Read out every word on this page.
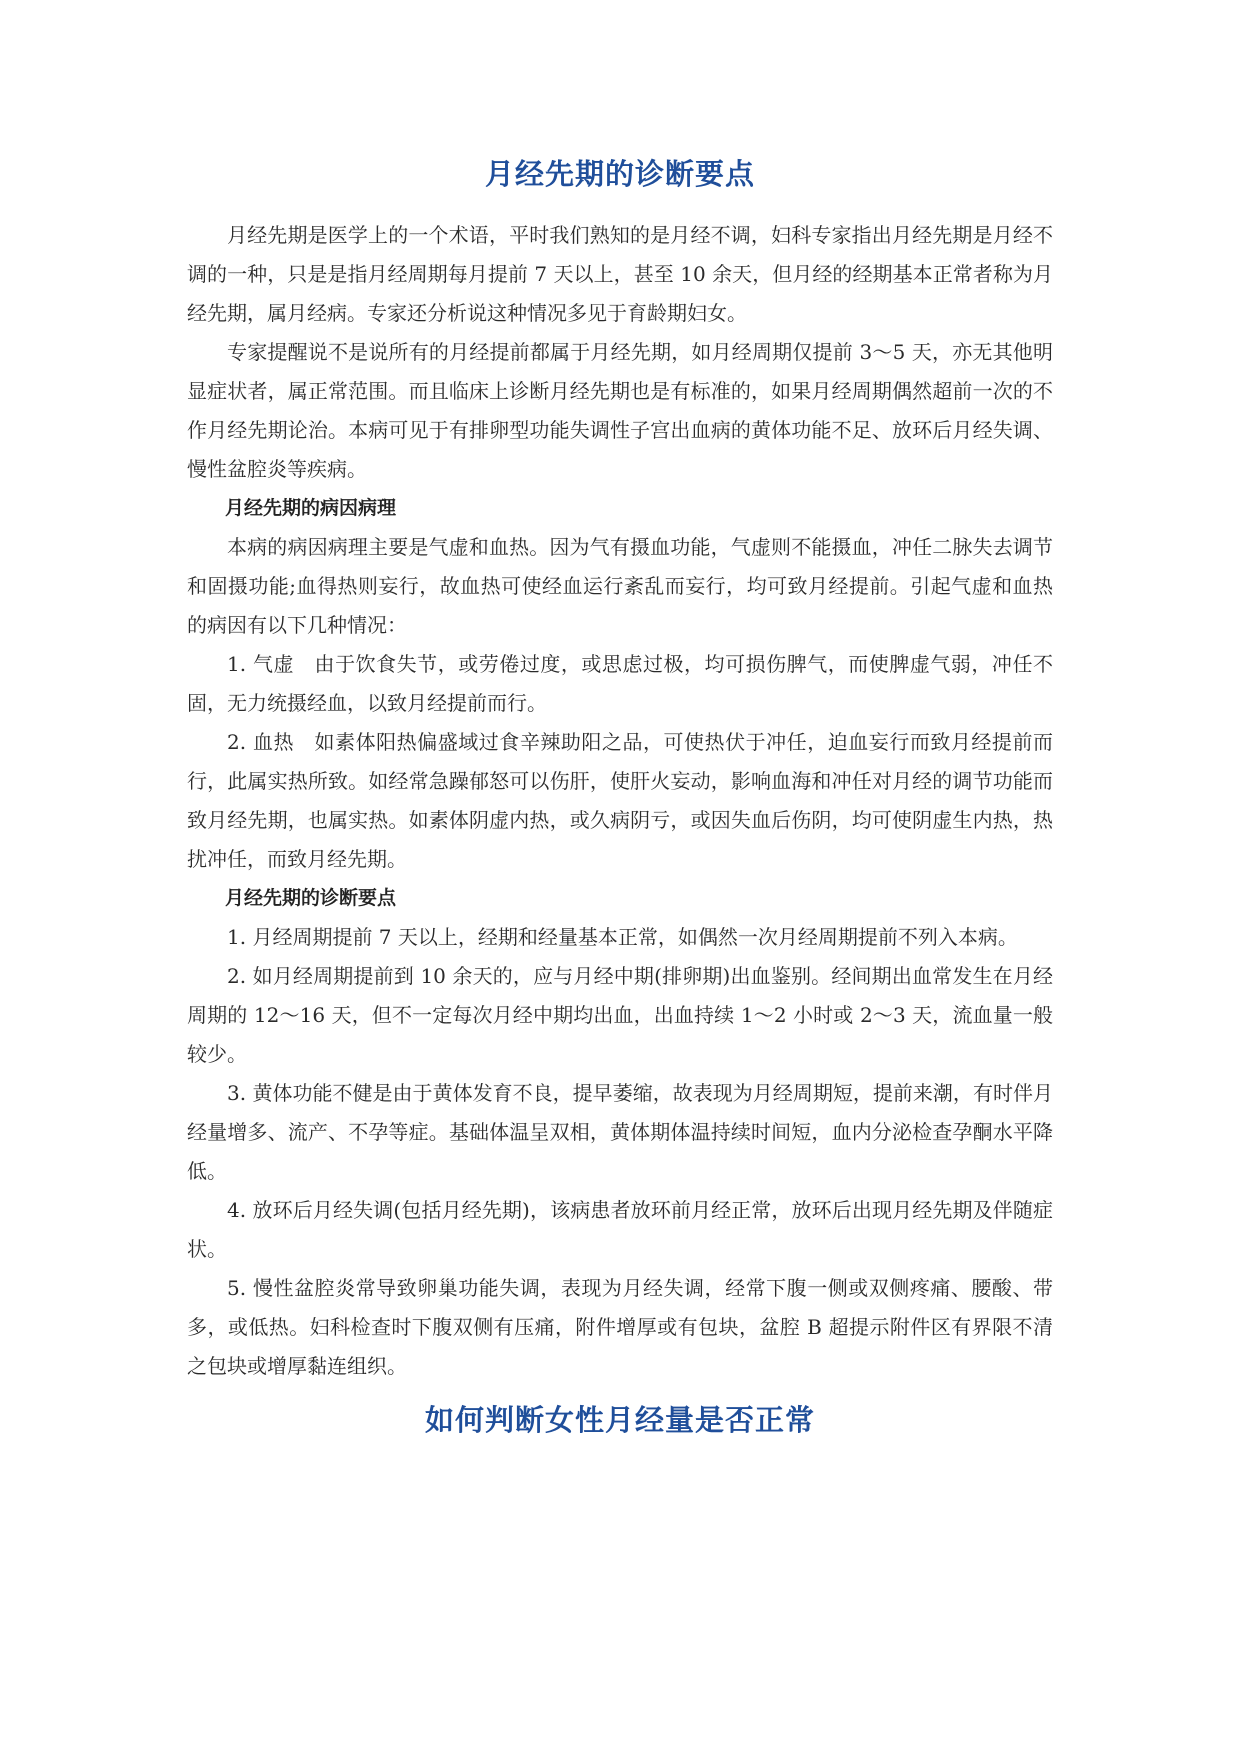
月经先期的诊断要点

月经先期是医学上的一个术语，平时我们熟知的是月经不调，妇科专家指出月经先期是月经不调的一种，只是是指月经周期每月提前 7 天以上，甚至 10 余天，但月经的经期基本正常者称为月经先期，属月经病。专家还分析说这种情况多见于育龄期妇女。

专家提醒说不是说所有的月经提前都属于月经先期，如月经周期仅提前 3～5 天，亦无其他明显症状者，属正常范围。而且临床上诊断月经先期也是有标准的，如果月经周期偶然超前一次的不作月经先期论治。本病可见于有排卵型功能失调性子宫出血病的黄体功能不足、放环后月经失调、慢性盆腔炎等疾病。

月经先期的病因病理

本病的病因病理主要是气虚和血热。因为气有摄血功能，气虚则不能摄血，冲任二脉失去调节和固摄功能;血得热则妄行，故血热可使经血运行紊乱而妄行，均可致月经提前。引起气虚和血热的病因有以下几种情况：

1. 气虚　由于饮食失节，或劳倦过度，或思虑过极，均可损伤脾气，而使脾虚气弱，冲任不固，无力统摄经血，以致月经提前而行。

2. 血热　如素体阳热偏盛域过食辛辣助阳之品，可使热伏于冲任，迫血妄行而致月经提前而行，此属实热所致。如经常急躁郁怒可以伤肝，使肝火妄动，影响血海和冲任对月经的调节功能而致月经先期，也属实热。如素体阴虚内热，或久病阴亏，或因失血后伤阴，均可使阴虚生内热，热扰冲任，而致月经先期。

月经先期的诊断要点

1. 月经周期提前 7 天以上，经期和经量基本正常，如偶然一次月经周期提前不列入本病。

2. 如月经周期提前到 10 余天的，应与月经中期(排卵期)出血鉴别。经间期出血常发生在月经周期的 12～16 天，但不一定每次月经中期均出血，出血持续 1～2 小时或 2～3 天，流血量一般较少。

3. 黄体功能不健是由于黄体发育不良，提早萎缩，故表现为月经周期短，提前来潮，有时伴月经量增多、流产、不孕等症。基础体温呈双相，黄体期体温持续时间短，血内分泌检查孕酮水平降低。

4. 放环后月经失调(包括月经先期)，该病患者放环前月经正常，放环后出现月经先期及伴随症状。

5. 慢性盆腔炎常导致卵巢功能失调，表现为月经失调，经常下腹一侧或双侧疼痛、腰酸、带多，或低热。妇科检查时下腹双侧有压痛，附件增厚或有包块，盆腔 B 超提示附件区有界限不清之包块或增厚黏连组织。

如何判断女性月经量是否正常
